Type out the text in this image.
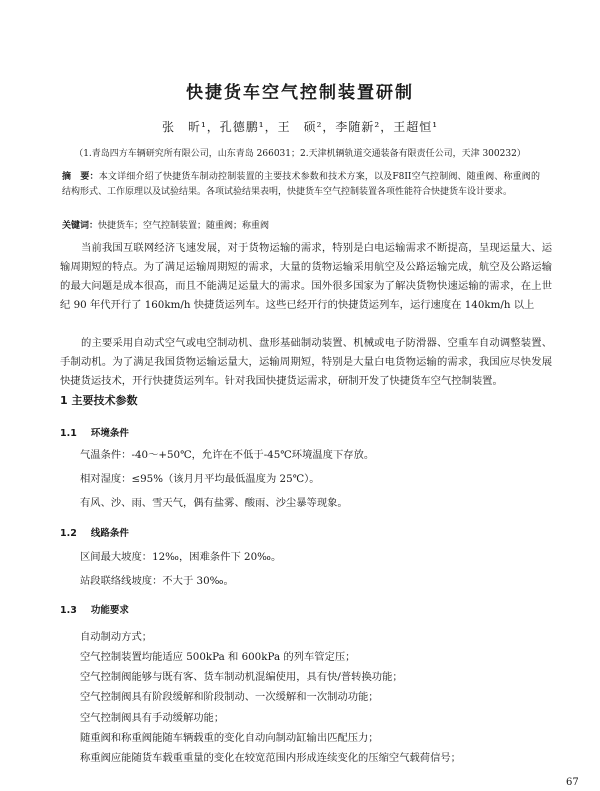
快捷货车空气控制装置研制
张　昕¹，孔德鹏¹，王　硕²，李随新²，王超恒¹
（1.青岛四方车辆研究所有限公司，山东青岛 266031；2.天津机辆轨道交通装备有限责任公司，天津 300232）
摘　要：本文详细介绍了快捷货车制动控制装置的主要技术参数和技术方案，以及F8II空气控制阀、随重阀、称重阀的结构形式、工作原理以及试验结果。各项试验结果表明，快捷货车空气控制装置各项性能符合快捷货车设计要求。
关键词：快捷货车；空气控制装置；随重阀；称重阀
当前我国互联网经济飞速发展，对于货物运输的需求，特别是白电运输需求不断提高，呈现运量大、运输周期短的特点。为了满足运输周期短的需求，大量的货物运输采用航空及公路运输完成，航空及公路运输的最大问题是成本很高，而且不能满足运量大的需求。国外很多国家为了解决货物快速运输的需求，在上世纪 90 年代开行了 160km/h 快捷货运列车。这些已经开行的快捷货运列车，运行速度在 140km/h 以上
的主要采用自动式空气或电空制动机、盘形基础制动装置、机械或电子防滑器、空重车自动调整装置、手制动机。为了满足我国货物运输运量大，运输周期短，特别是大量白电货物运输的需求，我国应尽快发展快捷货运技术，开行快捷货运列车。针对我国快捷货运需求，研制开发了快捷货车空气控制装置。
1 主要技术参数
1.1 环境条件
气温条件：-40～+50℃，允许在不低于-45℃环境温度下存放。
相对湿度：≤95%（该月月平均最低温度为 25℃）。
有风、沙、雨、雪天气，偶有盐雾、酸雨、沙尘暴等现象。
1.2 线路条件
区间最大坡度：12‰，困难条件下 20‰。
站段联络线坡度：不大于 30‰。
1.3 功能要求
自动制动方式；
空气控制装置均能适应 500kPa 和 600kPa 的列车管定压；
空气控制阀能够与既有客、货车制动机混编使用，具有快/普转换功能；
空气控制阀具有阶段缓解和阶段制动、一次缓解和一次制动功能；
空气控制阀具有手动缓解功能；
随重阀和称重阀能随车辆载重的变化自动向制动缸输出匹配压力；
称重阀应能随货车载重重量的变化在较宽范围内形成连续变化的压缩空气载荷信号；
67
